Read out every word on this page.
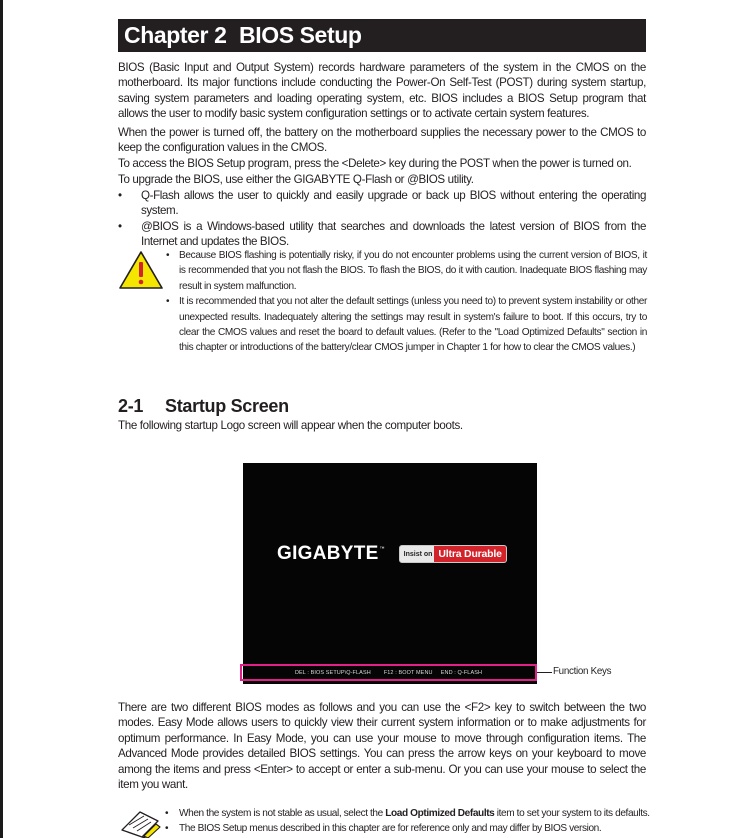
Chapter 2 BIOS Setup

BIOS (Basic Input and Output System) records hardware parameters of the system in the CMOS on the motherboard. Its major functions include conducting the Power-On Self-Test (POST) during system startup, saving system parameters and loading operating system, etc. BIOS includes a BIOS Setup program that allows the user to modify basic system configuration settings or to activate certain system features.

When the power is turned off, the battery on the motherboard supplies the necessary power to the CMOS to keep the configuration values in the CMOS.

To access the BIOS Setup program, press the <Delete> key during the POST when the power is turned on.

To upgrade the BIOS, use either the GIGABYTE Q-Flash or @BIOS utility.

• Q-Flash allows the user to quickly and easily upgrade or back up BIOS without entering the operating system.
• @BIOS is a Windows-based utility that searches and downloads the latest version of BIOS from the Internet and updates the BIOS.
• Because BIOS flashing is potentially risky, if you do not encounter problems using the current version of BIOS, it is recommended that you not flash the BIOS. To flash the BIOS, do it with caution. Inadequate BIOS flashing may result in system malfunction.
• It is recommended that you not alter the default settings (unless you need to) to prevent system instability or other unexpected results. Inadequately altering the settings may result in system's failure to boot. If this occurs, try to clear the CMOS values and reset the board to default values. (Refer to the "Load Optimized Defaults" section in this chapter or introductions of the battery/clear CMOS jumper in Chapter 1 for how to clear the CMOS values.)
2-1 Startup Screen

The following startup Logo screen will appear when the computer boots.

GIGABYTE ™
Insist on Ultra Durable
DEL : BIOS SETUP\Q-FLASH        F12 : BOOT MENU     END : Q-FLASH	Function Keys

There are two different BIOS modes as follows and you can use the <F2> key to switch between the two modes. Easy Mode allows users to quickly view their current system information or to make adjustments for optimum performance. In Easy Mode, you can use your mouse to move through configuration items. The Advanced Mode provides detailed BIOS settings. You can press the arrow keys on your keyboard to move among the items and press <Enter> to accept or enter a sub-menu. Or you can use your mouse to select the item you want.

• When the system is not stable as usual, select the Load Optimized Defaults item to set your system to its defaults.
• The BIOS Setup menus described in this chapter are for reference only and may differ by BIOS version.
